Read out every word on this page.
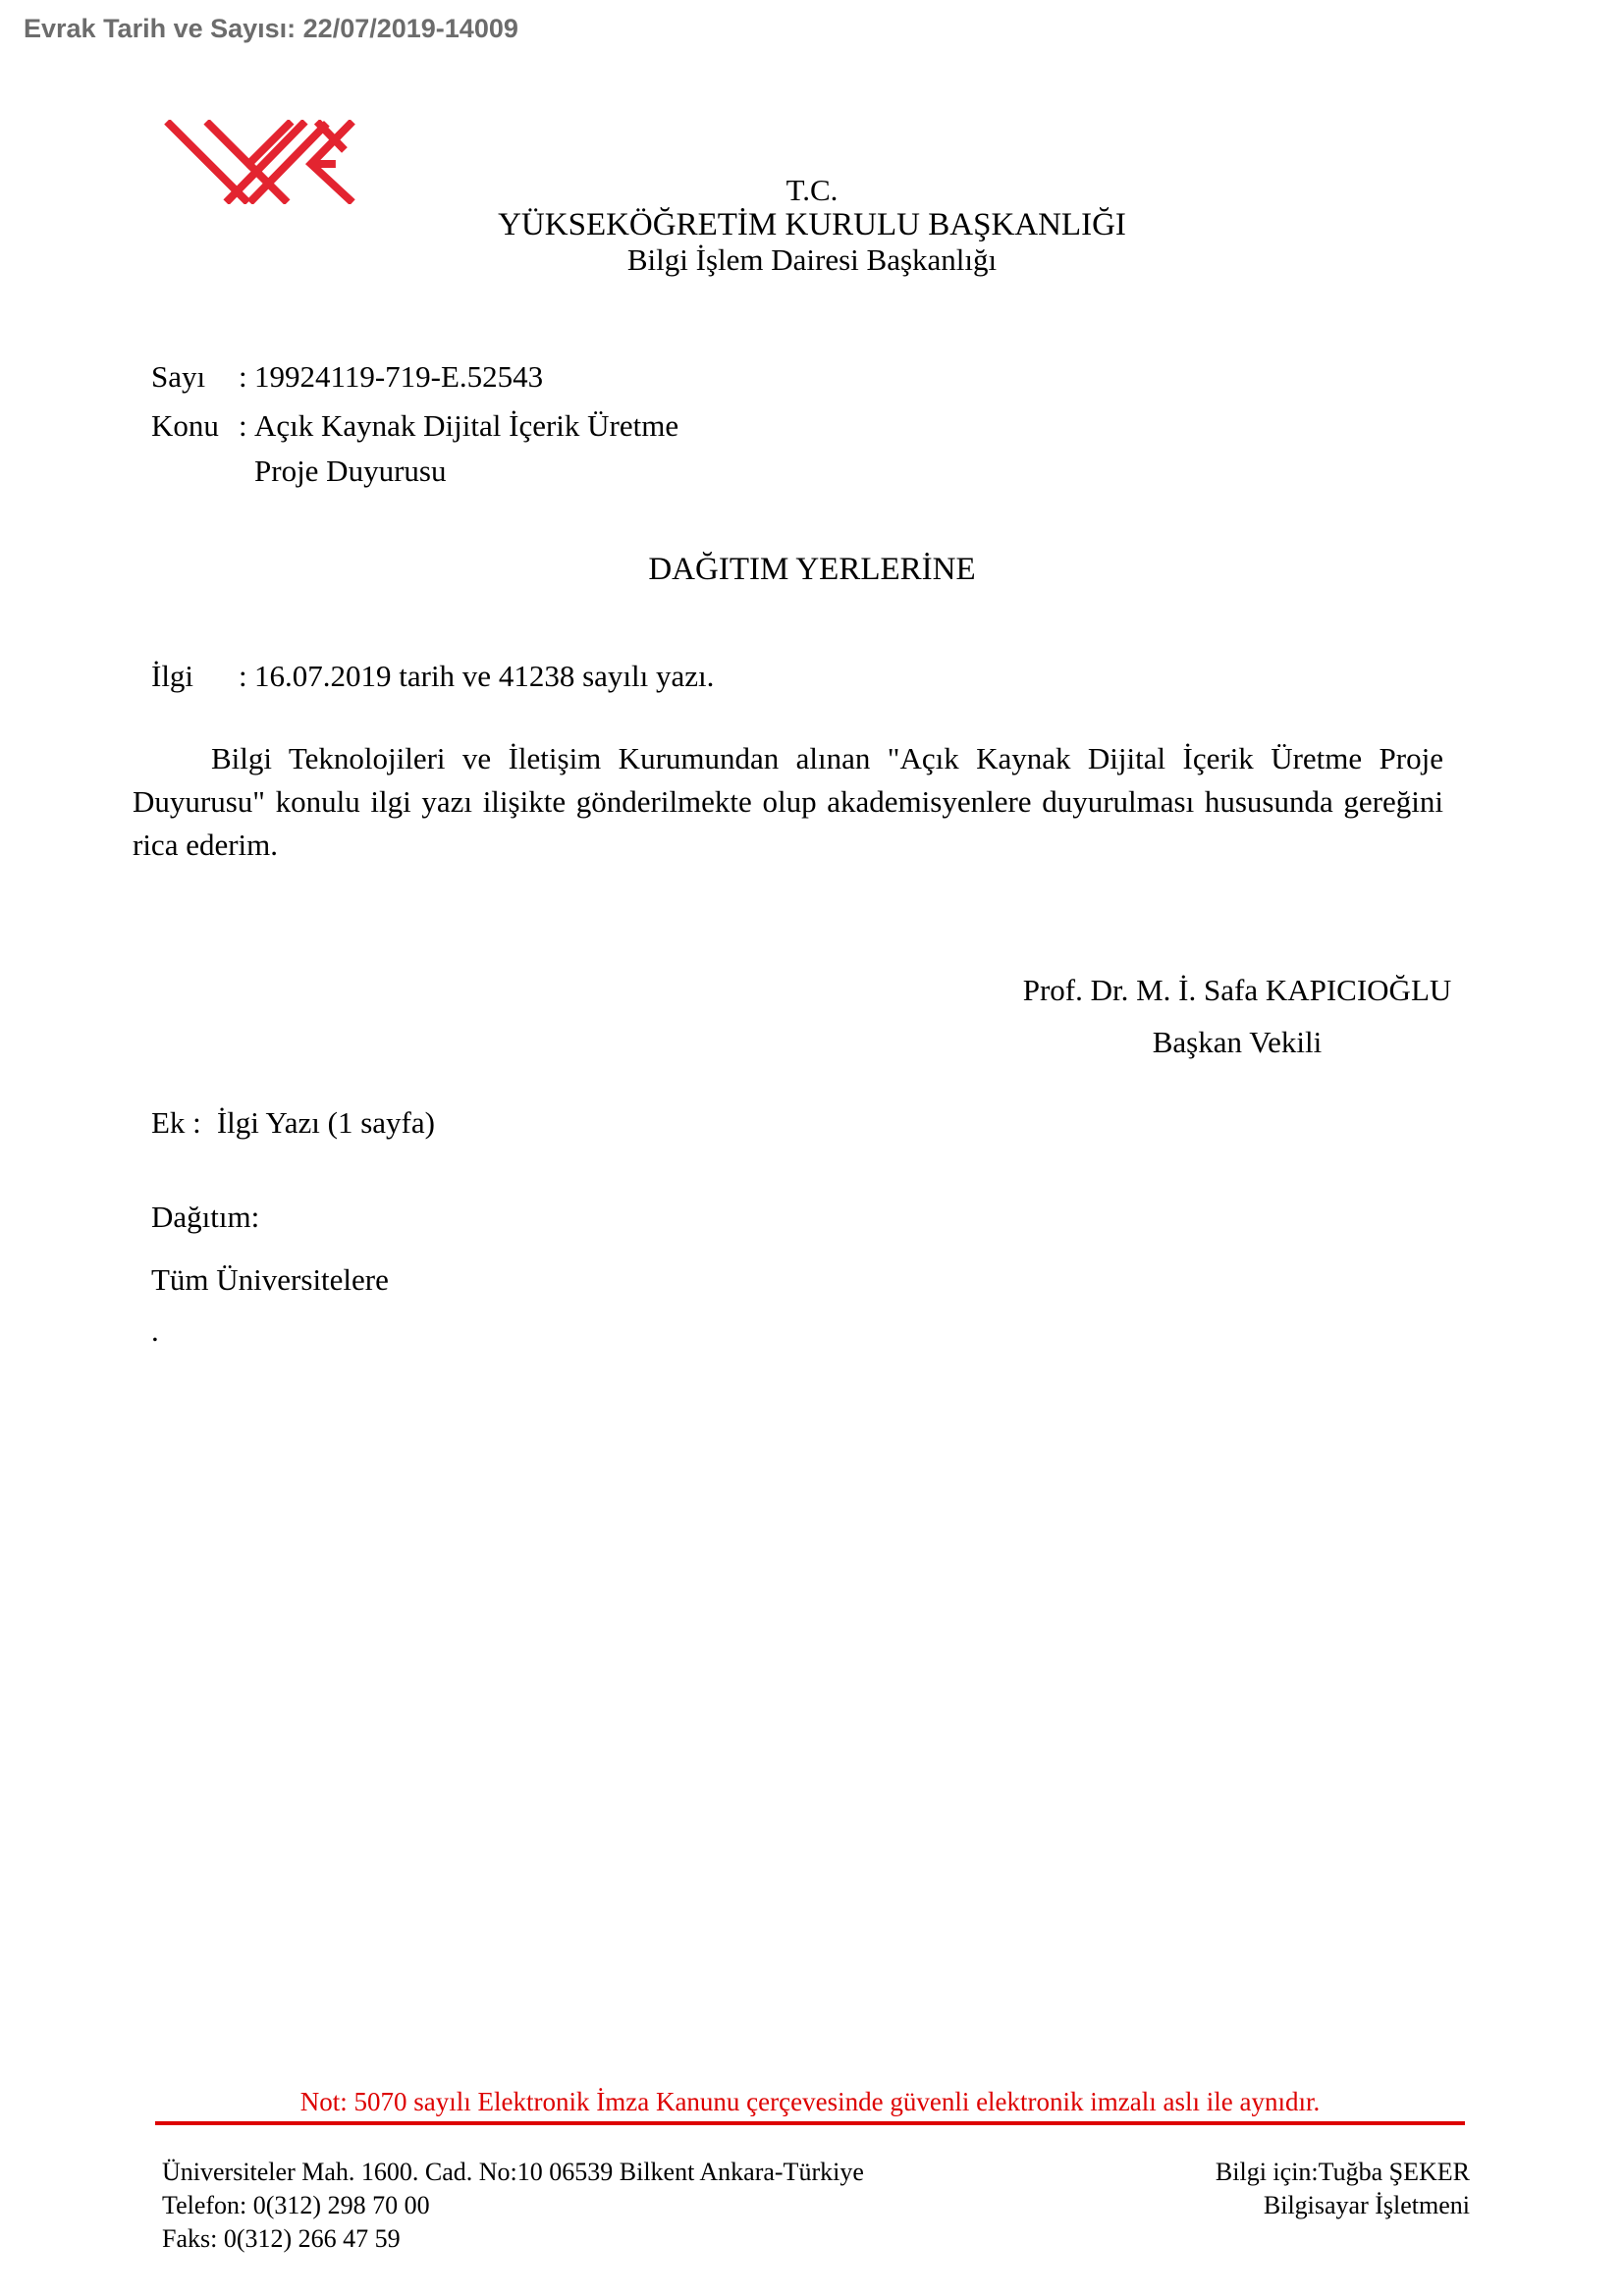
Evrak Tarih ve Sayısı: 22/07/2019-14009
T.C.
YÜKSEKÖĞRETİM KURULU BAŞKANLIĞI
Bilgi İşlem Dairesi Başkanlığı
Sayı	: 19924119-719-E.52543
Konu : Açık Kaynak Dijital İçerik Üretme Proje Duyurusu
DAĞITIM YERLERİNE
İlgi	: 16.07.2019 tarih ve 41238 sayılı yazı.
Bilgi Teknolojileri ve İletişim Kurumundan alınan "Açık Kaynak Dijital İçerik Üretme Proje Duyurusu" konulu ilgi yazı ilişikte gönderilmekte olup akademisyenlere duyurulması hususunda gereğini rica ederim.
Prof. Dr. M. İ. Safa KAPICIOĞLU
Başkan Vekili
Ek : İlgi Yazı (1 sayfa)
Dağıtım:
Tüm Üniversitelere
.
Not: 5070 sayılı Elektronik İmza Kanunu çerçevesinde güvenli elektronik imzalı aslı ile aynıdır.
Üniversiteler Mah. 1600. Cad. No:10 06539 Bilkent Ankara-Türkiye
Telefon: 0(312) 298 70 00
Faks: 0(312) 266 47 59
Bilgi için:Tuğba ŞEKER
Bilgisayar İşletmeni
